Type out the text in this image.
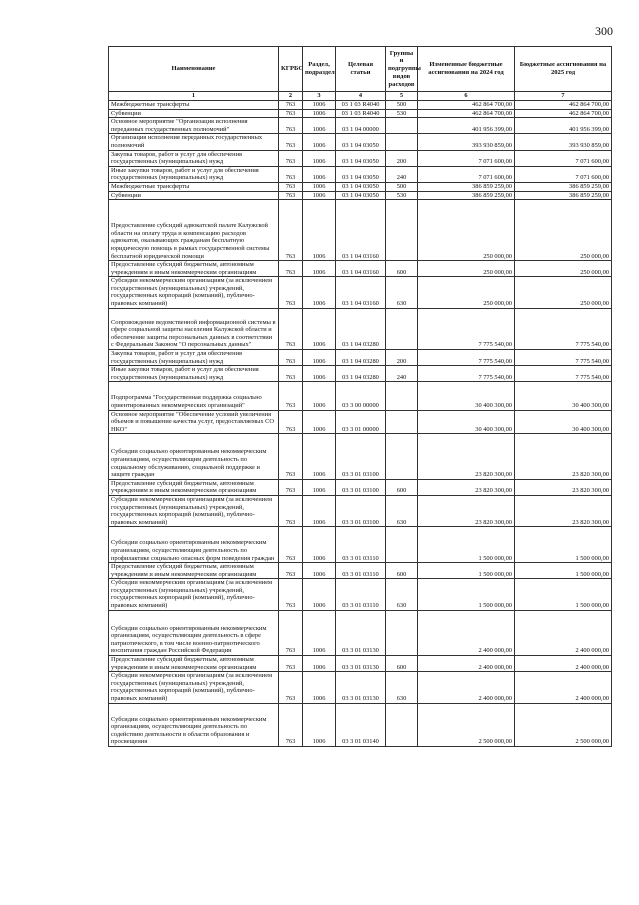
300
Наименование	КГРБС	Раздел, подраздел	Целевая статьи	Группы и подгруппы видов расходов	Измененные бюджетные ассигнования на 2024 год	Бюджетные ассигнования на 2025 год
1	2	3	4	5	6	7
Межбюджетные трансферты	763	1006	03 1 03 R4040	500	462 864 700,00	462 864 700,00
Субвенции	763	1006	03 1 03 R4040	530	462 864 700,00	462 864 700,00
Основное мероприятие "Организация исполнения переданных государственных полномочий"	763	1006	03 1 04 00000		401 956 399,00	401 956 399,00
Организация исполнения переданных государственных полномочий	763	1006	03 1 04 03050		393 930 859,00	393 930 859,00
Закупка товаров, работ и услуг для обеспечения государственных (муниципальных) нужд	763	1006	03 1 04 03050	200	7 071 600,00	7 071 600,00
Иные закупки товаров, работ и услуг для обеспечения государственных (муниципальных) нужд	763	1006	03 1 04 03050	240	7 071 600,00	7 071 600,00
Межбюджетные трансферты	763	1006	03 1 04 03050	500	386 859 259,00	386 859 259,00
Субвенции	763	1006	03 1 04 03050	530	386 859 259,00	386 859 259,00
Предоставление субсидий адвокатской палате Калужской области на оплату труда и компенсацию расходов адвокатов, оказывающих гражданам бесплатную юридическую помощь в рамках государственной системы бесплатной юридической помощи	763	1006	03 1 04 03160		250 000,00	250 000,00
Предоставление субсидий бюджетным, автономным учреждениям и иным некоммерческим организациям	763	1006	03 1 04 03160	600	250 000,00	250 000,00
Субсидии некоммерческим организациям (за исключением государственных (муниципальных) учреждений, государственных корпораций (компаний), публично-правовых компаний)	763	1006	03 1 04 03160	630	250 000,00	250 000,00
Сопровождение ведомственной информационной системы в сфере социальной защиты населения Калужской области и обеспечение защиты персональных данных в соответствии с Федеральным Законом "О персональных данных"	763	1006	03 1 04 03280		7 775 540,00	7 775 540,00
Закупка товаров, работ и услуг для обеспечения государственных (муниципальных) нужд	763	1006	03 1 04 03280	200	7 775 540,00	7 775 540,00
Иные закупки товаров, работ и услуг для обеспечения государственных (муниципальных) нужд	763	1006	03 1 04 03280	240	7 775 540,00	7 775 540,00
Подпрограмма "Государственная поддержка социально ориентированных некоммерческих организаций"	763	1006	03 3 00 00000		30 400 300,00	30 400 300,00
Основное мероприятие "Обеспечение условий увеличения объемов и повышение качества услуг, предоставляемых СО НКО"	763	1006	03 3 01 00000		30 400 300,00	30 400 300,00
Субсидии социально ориентированным некоммерческим организациям, осуществляющим деятельность по социальному обслуживанию, социальной поддержке и защите граждан	763	1006	03 3 01 03100		23 820 300,00	23 820 300,00
Предоставление субсидий бюджетным, автономным учреждениям и иным некоммерческим организациям	763	1006	03 3 01 03100	600	23 820 300,00	23 820 300,00
Субсидии некоммерческим организациям (за исключением государственных (муниципальных) учреждений, государственных корпораций (компаний), публично-правовых компаний)	763	1006	03 3 01 03100	630	23 820 300,00	23 820 300,00
Субсидии социально ориентированным некоммерческим организациям, осуществляющим деятельность по профилактике социально опасных форм поведения граждан	763	1006	03 3 01 03110		1 500 000,00	1 500 000,00
Предоставление субсидий бюджетным, автономным учреждениям и иным некоммерческим организациям	763	1006	03 3 01 03110	600	1 500 000,00	1 500 000,00
Субсидии некоммерческим организациям (за исключением государственных (муниципальных) учреждений, государственных корпораций (компаний), публично-правовых компаний)	763	1006	03 3 01 03110	630	1 500 000,00	1 500 000,00
Субсидии социально ориентированным некоммерческим организациям, осуществляющим деятельность в сфере патриотического, в том числе военно-патриотического воспитания граждан Российской Федерации	763	1006	03 3 01 03130		2 400 000,00	2 400 000,00
Предоставление субсидий бюджетным, автономным учреждениям и иным некоммерческим организациям	763	1006	03 3 01 03130	600	2 400 000,00	2 400 000,00
Субсидии некоммерческим организациям (за исключением государственных (муниципальных) учреждений, государственных корпораций (компаний), публично-правовых компаний)	763	1006	03 3 01 03130	630	2 400 000,00	2 400 000,00
Субсидии социально ориентированным некоммерческим организациям, осуществляющим деятельность по содействию деятельности в области образования и просвещения	763	1006	03 3 01 03140		2 500 000,00	2 500 000,00
